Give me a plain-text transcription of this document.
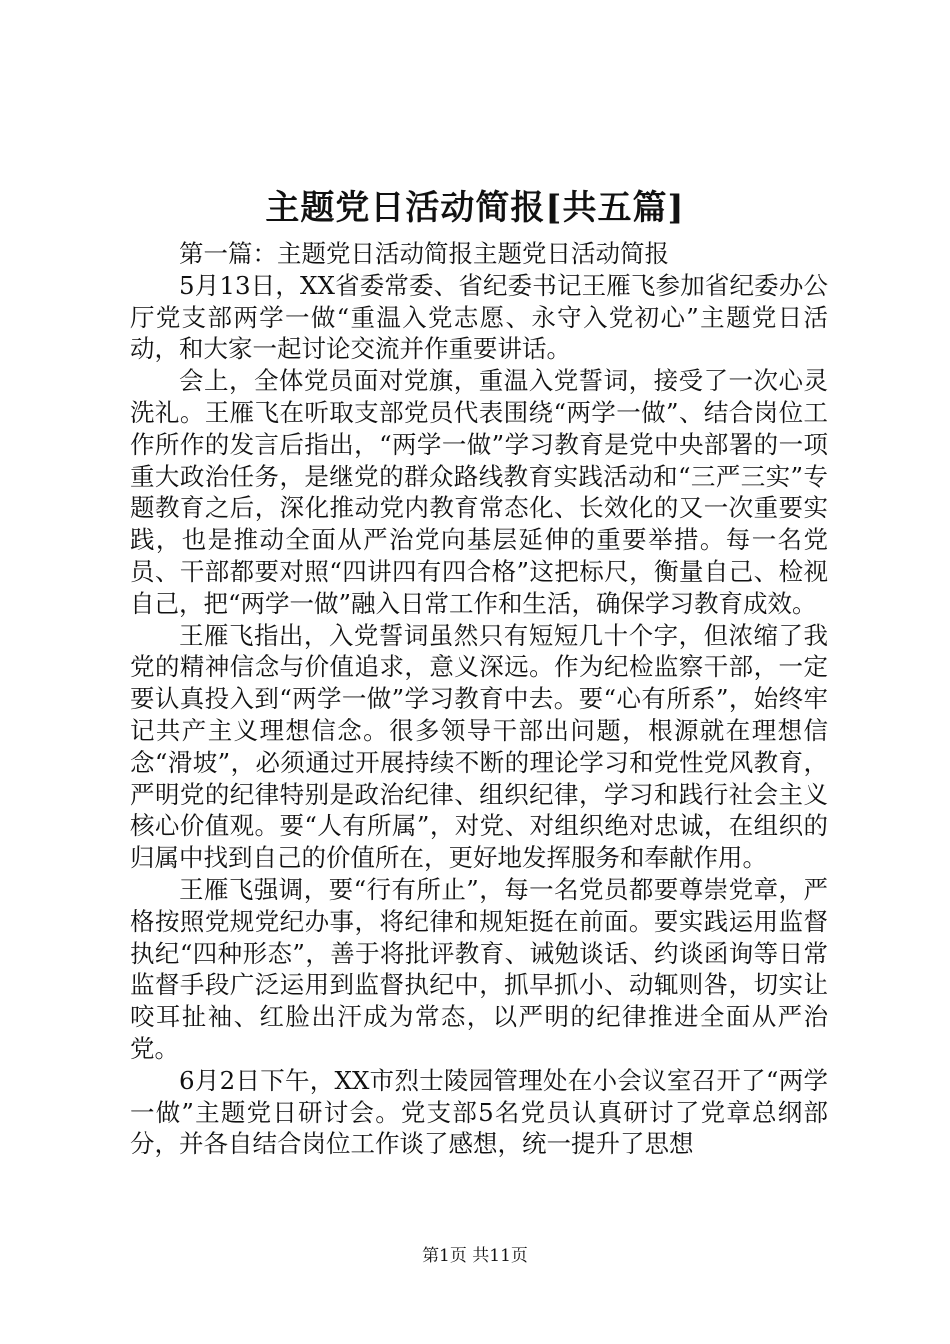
主题党日活动简报[共五篇]

第一篇：主题党日活动简报主题党日活动简报

5月13日，XX省委常委、省纪委书记王雁飞参加省纪委办公厅党支部两学一做“重温入党志愿、永守入党初心”主题党日活动，和大家一起讨论交流并作重要讲话。

会上，全体党员面对党旗，重温入党誓词，接受了一次心灵洗礼。王雁飞在听取支部党员代表围绕“两学一做”、结合岗位工作所作的发言后指出，“两学一做”学习教育是党中央部署的一项重大政治任务，是继党的群众路线教育实践活动和“三严三实”专题教育之后，深化推动党内教育常态化、长效化的又一次重要实践，也是推动全面从严治党向基层延伸的重要举措。每一名党员、干部都要对照“四讲四有四合格”这把标尺，衡量自己、检视自己，把“两学一做”融入日常工作和生活，确保学习教育成效。

王雁飞指出，入党誓词虽然只有短短几十个字，但浓缩了我党的精神信念与价值追求，意义深远。作为纪检监察干部，一定要认真投入到“两学一做”学习教育中去。要“心有所系”，始终牢记共产主义理想信念。很多领导干部出问题，根源就在理想信念“滑坡”，必须通过开展持续不断的理论学习和党性党风教育，严明党的纪律特别是政治纪律、组织纪律，学习和践行社会主义核心价值观。要“人有所属”，对党、对组织绝对忠诚，在组织的归属中找到自己的价值所在，更好地发挥服务和奉献作用。

王雁飞强调，要“行有所止”，每一名党员都要尊崇党章，严格按照党规党纪办事，将纪律和规矩挺在前面。要实践运用监督执纪“四种形态”，善于将批评教育、诫勉谈话、约谈函询等日常监督手段广泛运用到监督执纪中，抓早抓小、动辄则咎，切实让咬耳扯袖、红脸出汗成为常态，以严明的纪律推进全面从严治党。

6月2日下午，XX市烈士陵园管理处在小会议室召开了“两学一做”主题党日研讨会。党支部5名党员认真研讨了党章总纲部分，并各自结合岗位工作谈了感想，统一提升了思想

第1页 共11页
